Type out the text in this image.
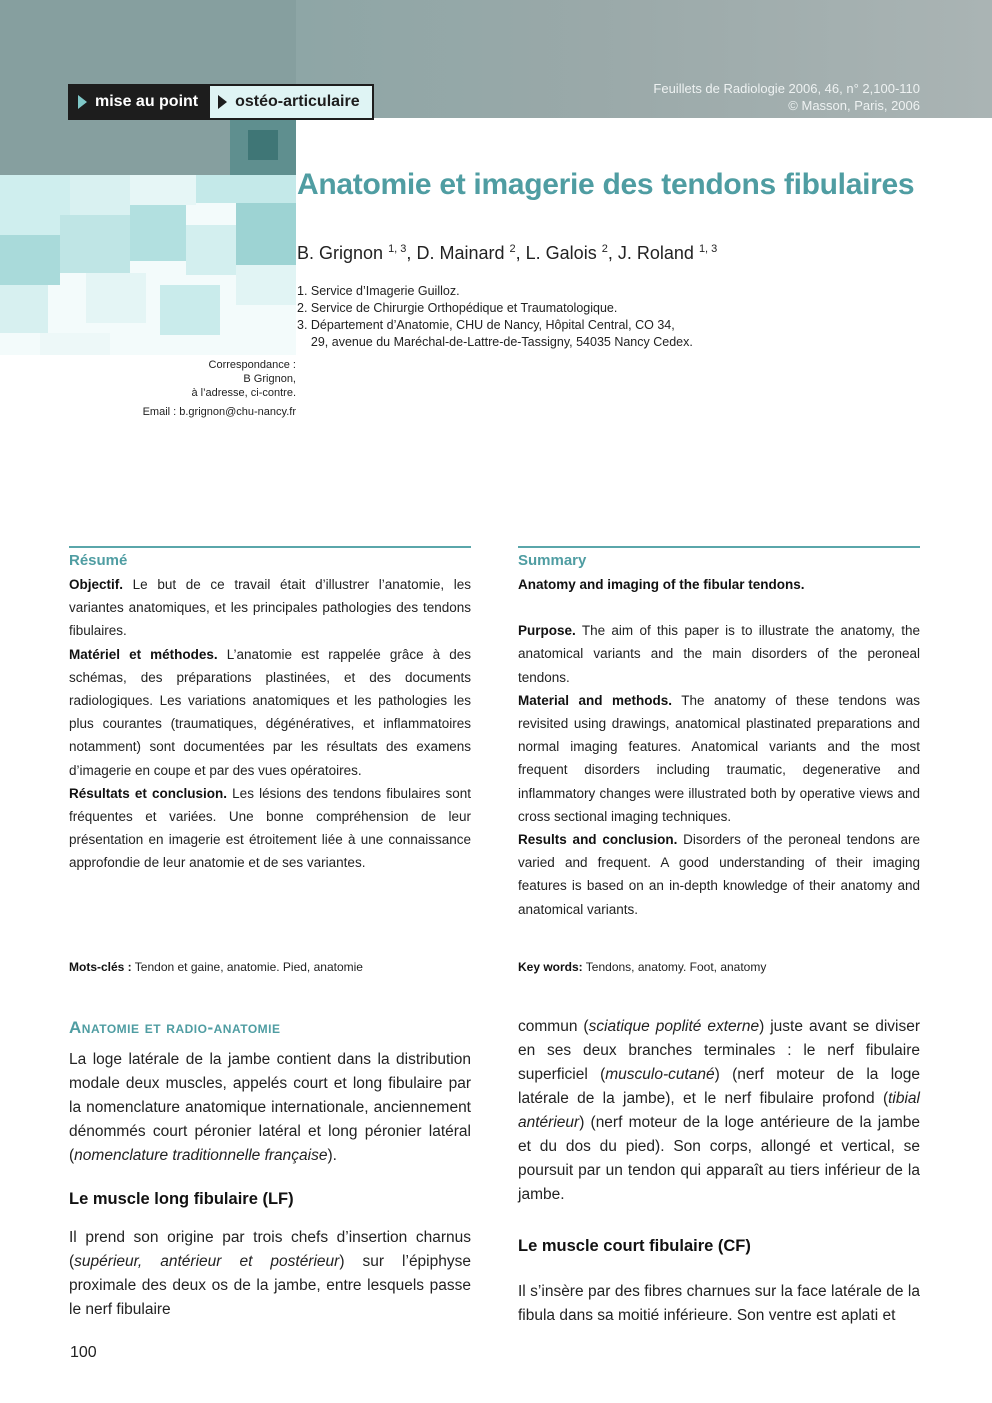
mise au point ostéo-articulaire
Feuillets de Radiologie 2006, 46, n° 2,100-110
© Masson, Paris, 2006
Anatomie et imagerie des tendons fibulaires
B. Grignon $^{1, 3}$, D. Mainard $^2$, L. Galois $^2$, J. Roland $^{1, 3}$
1. Service d’Imagerie Guilloz.
2. Service de Chirurgie Orthopédique et Traumatologique.
3. Département d’Anatomie, CHU de Nancy, Hôpital Central, CO 34,
29, avenue du Maréchal-de-Lattre-de-Tassigny, 54035 Nancy Cedex.
Correspondance :
B Grignon,
à l’adresse, ci-contre.
Email : b.grignon@chu-nancy.fr
Résumé

Objectif. Le but de ce travail était d’illustrer l’anatomie, les variantes anatomiques, et les principales pathologies des tendons fibulaires.

Matériel et méthodes. L’anatomie est rappelée grâce à des schémas, des préparations plastinées, et des documents radiologiques. Les variations anatomiques et les pathologies les plus courantes (traumatiques, dégénératives, et inflammatoires notamment) sont documentées par les résultats des examens d’imagerie en coupe et par des vues opératoires.

Résultats et conclusion. Les lésions des tendons fibulaires sont fréquentes et variées. Une bonne compréhension de leur présentation en imagerie est étroitement liée à une connaissance approfondie de leur anatomie et de ses variantes.

Mots-clés : Tendon et gaine, anatomie. Pied, anatomie
Summary

Anatomy and imaging of the fibular tendons.

Purpose. The aim of this paper is to illustrate the anatomy, the anatomical variants and the main disorders of the peroneal tendons.

Material and methods. The anatomy of these tendons was revisited using drawings, anatomical plastinated preparations and normal imaging features. Anatomical variants and the most frequent disorders including traumatic, degenerative and inflammatory changes were illustrated both by operative views and cross sectional imaging techniques.

Results and conclusion. Disorders of the peroneal tendons are varied and frequent. A good understanding of their imaging features is based on an in-depth knowledge of their anatomy and anatomical variants.

Key words: Tendons, anatomy. Foot, anatomy
Anatomie et radio-anatomie

La loge latérale de la jambe contient dans la distribution modale deux muscles, appelés court et long fibulaire par la nomenclature anatomique internationale, anciennement dénommés court péronier latéral et long péronier latéral (nomenclature traditionnelle française).

Le muscle long fibulaire (LF)

Il prend son origine par trois chefs d’insertion charnus (supérieur, antérieur et postérieur) sur l’épiphyse proximale des deux os de la jambe, entre lesquels passe le nerf fibulaire

commun (sciatique poplité externe) juste avant se diviser en ses deux branches terminales : le nerf fibulaire superficiel (musculo-cutané) (nerf moteur de la loge latérale de la jambe), et le nerf fibulaire profond (tibial antérieur) (nerf moteur de la loge antérieure de la jambe et du dos du pied). Son corps, allongé et vertical, se poursuit par un tendon qui apparaît au tiers inférieur de la jambe.

Le muscle court fibulaire (CF)

Il s’insère par des fibres charnues sur la face latérale de la fibula dans sa moitié inférieure. Son ventre est aplati et

100
